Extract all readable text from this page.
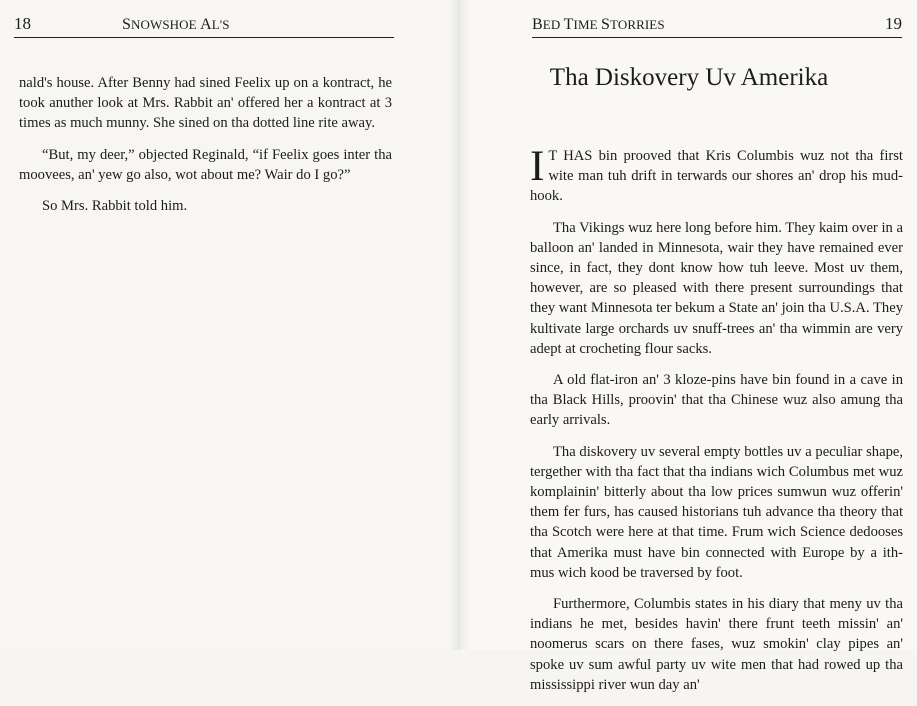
18	SNOWSHOE AL'S

nald's house. After Benny had sined Feelix up on a kontract, he took anuther look at Mrs. Rabbit an' offered her a kontract at 3 times as much munny. She sined on tha dotted line rite away.

“But, my deer,” objected Reginald, “if Feelix goes inter tha moovees, an' yew go also, wot about me? Wair do I go?”

So Mrs. Rabbit told him.

BED TIME STORRIES	19
Tha Diskovery Uv Amerika

I T HAS bin prooved that Kris Columbis wuz not tha first wite man tuh drift in terwards our shores an' drop his mud-hook.

Tha Vikings wuz here long before him. They kaim over in a balloon an' landed in Minnesota, wair they have remained ever since, in fact, they dont know how tuh leeve. Most uv them, however, are so pleased with there present surroundings that they want Minnesota ter bekum a State an' join tha U.S.A. They kultivate large orchards uv snuff-trees an' tha wimmin are very adept at crocheting flour sacks.

A old flat-iron an' 3 kloze-pins have bin found in a cave in tha Black Hills, proovin' that tha Chinese wuz also amung tha early arrivals.

Tha diskovery uv several empty bottles uv a peculiar shape, tergether with tha fact that tha indians wich Columbus met wuz komplainin' bitterly about tha low prices sumwun wuz offerin' them fer furs, has caused historians tuh advance tha theory that tha Scotch were here at that time. Frum wich Science dedooses that Amerika must have bin connected with Europe by a ith-mus wich kood be traversed by foot.

Furthermore, Columbis states in his diary that meny uv tha indians he met, besides havin' there frunt teeth missin' an' noomerus scars on there fases, wuz smokin' clay pipes an' spoke uv sum awful party uv wite men that had rowed up tha mississippi river wun day an'
